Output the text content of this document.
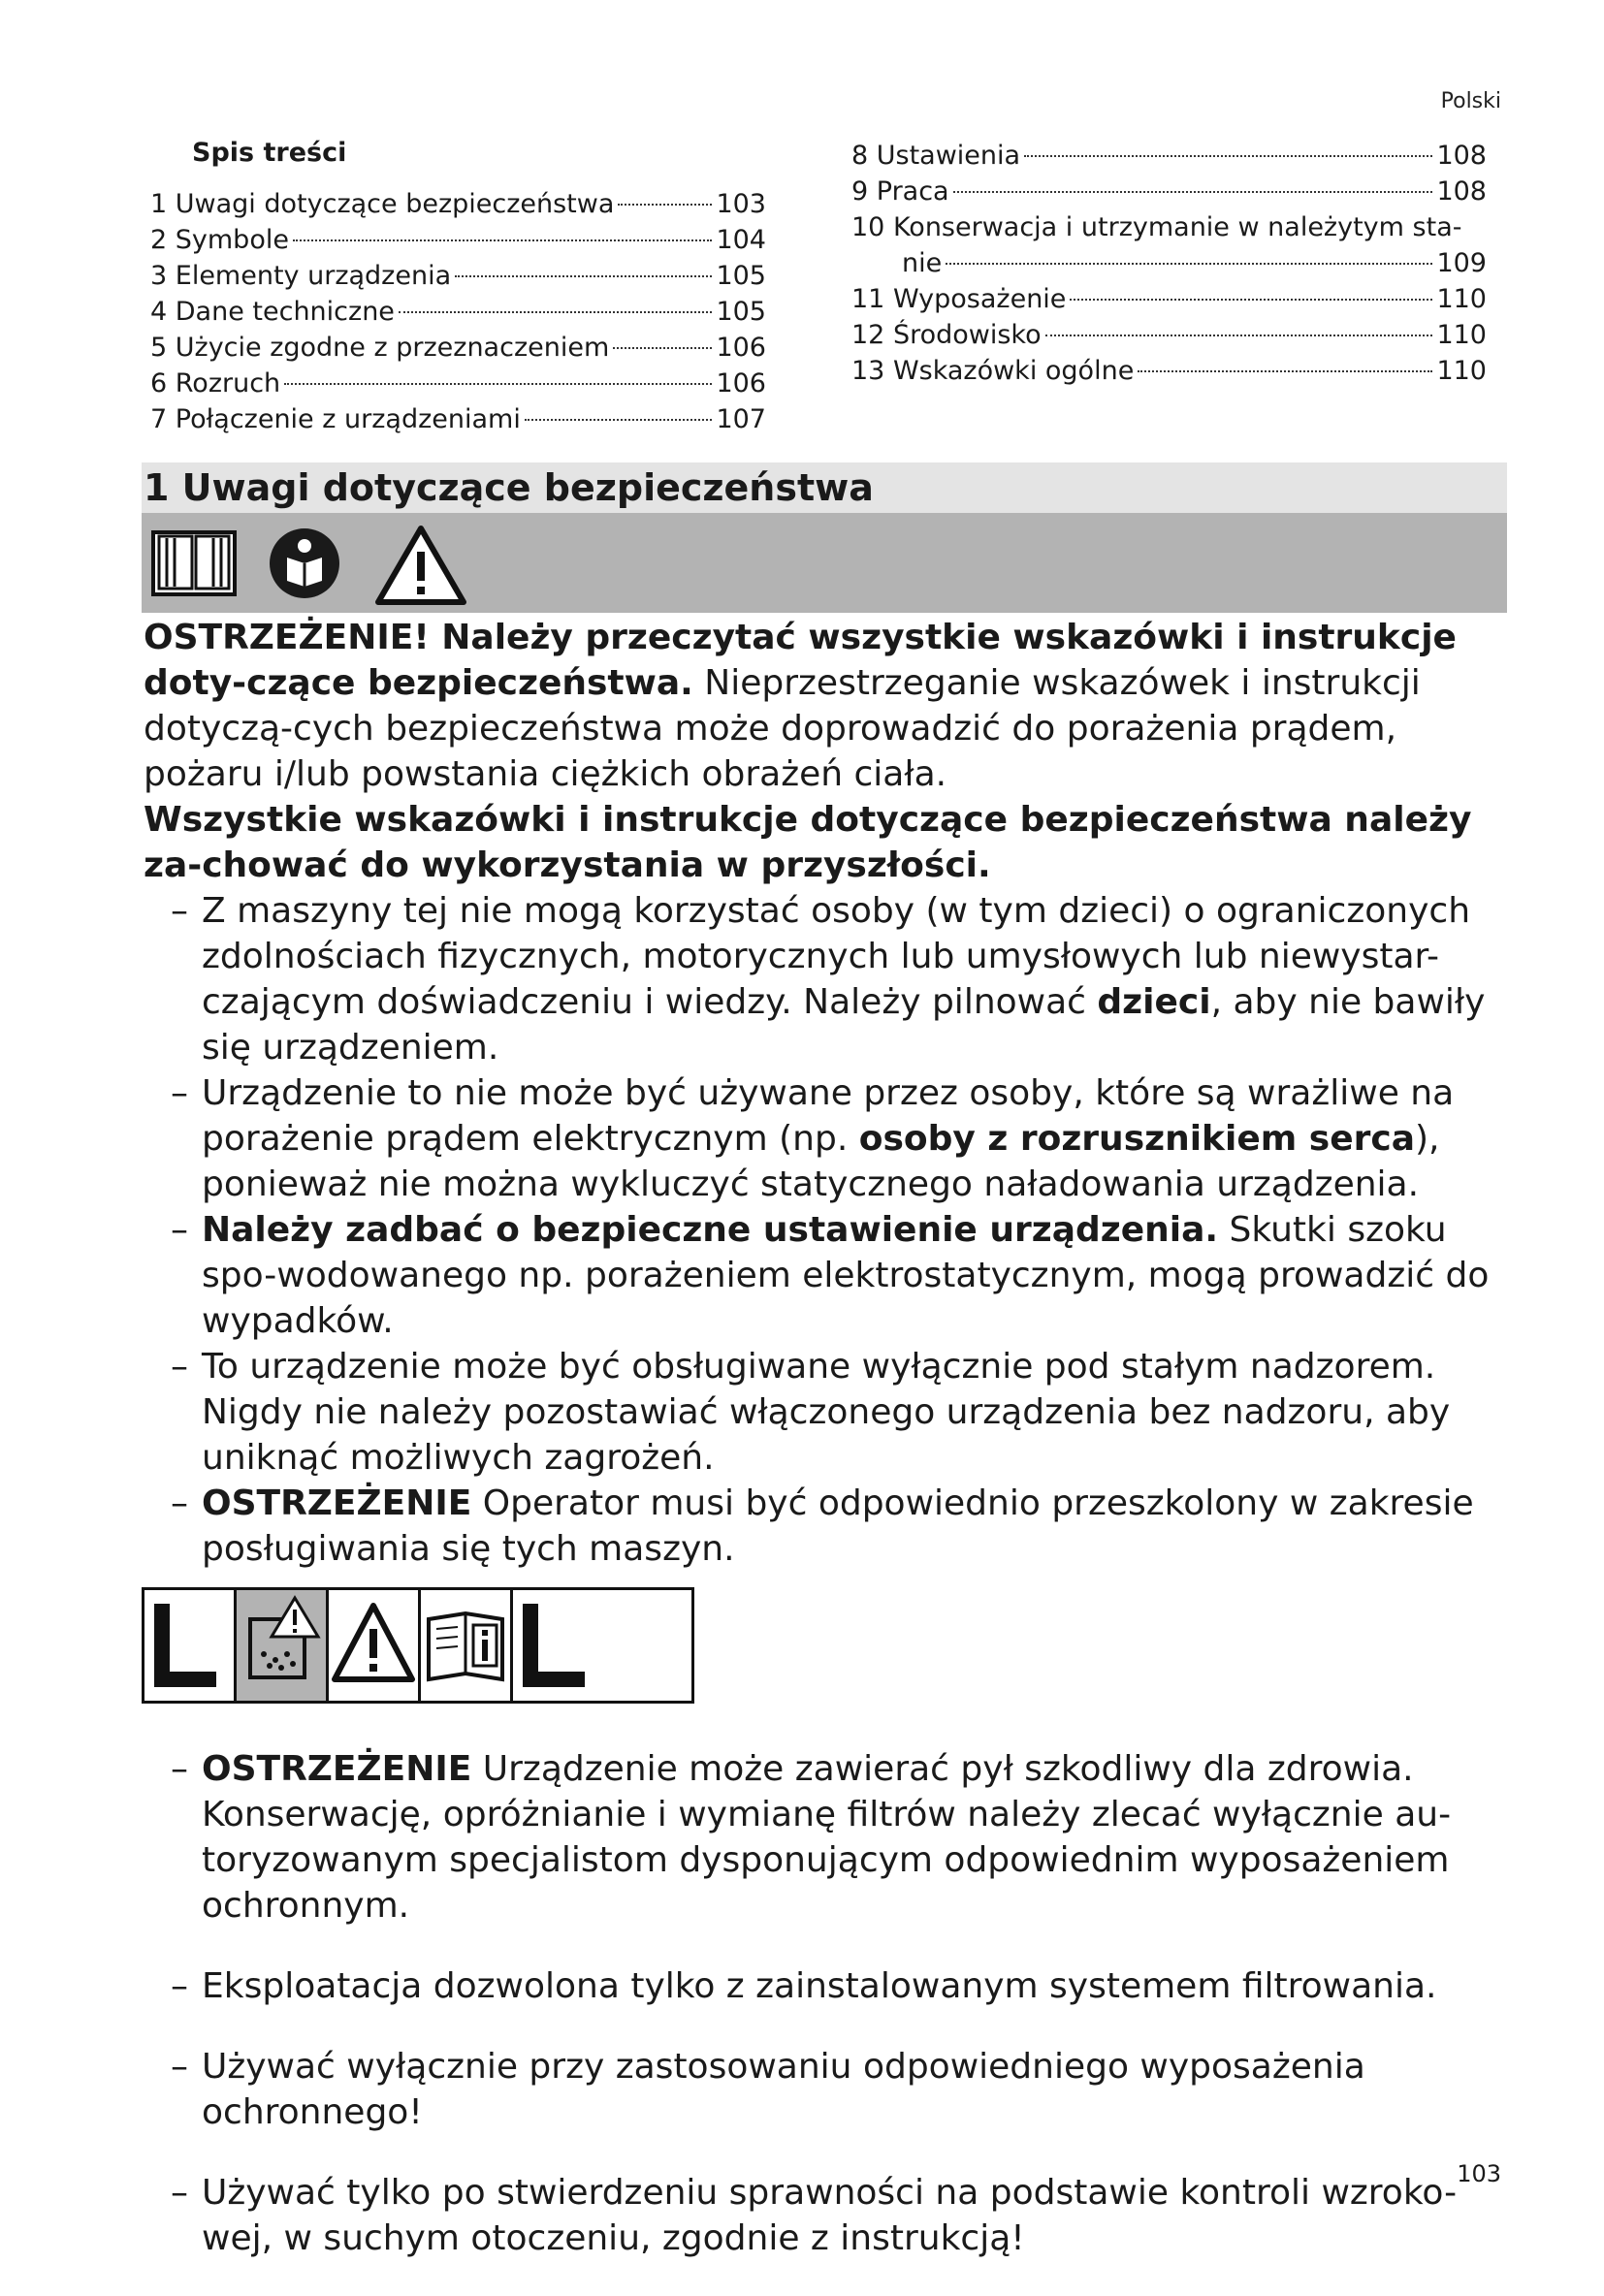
Polski
Spis treści
1 Uwagi dotyczące bezpieczeństwa	103
2 Symbole	104
3 Elementy urządzenia	105
4 Dane techniczne	105
5 Użycie zgodne z przeznaczeniem	106
6 Rozruch	106
7 Połączenie z urządzeniami	107
8 Ustawienia	108
9 Praca	108
10 Konserwacja i utrzymanie w należytym sta-
nie	109
11 Wyposażenie	110
12 Środowisko	110
13 Wskazówki ogólne	110
1 Uwagi dotyczące bezpieczeństwa

OSTRZEŻENIE! Należy przeczytać wszystkie wskazówki i instrukcje doty-czące bezpieczeństwa. Nieprzestrzeganie wskazówek i instrukcji dotyczą-cych bezpieczeństwa może doprowadzić do porażenia prądem, pożaru i/lub powstania ciężkich obrażeń ciała.

Wszystkie wskazówki i instrukcje dotyczące bezpieczeństwa należy za-chować do wykorzystania w przyszłości.

– Z maszyny tej nie mogą korzystać osoby (w tym dzieci) o ograniczonych zdolnościach fizycznych, motorycznych lub umysłowych lub niewystar-czającym doświadczeniu i wiedzy. Należy pilnować dzieci, aby nie bawiły się urządzeniem.

– Urządzenie to nie może być używane przez osoby, które są wrażliwe na porażenie prądem elektrycznym (np. osoby z rozrusznikiem serca), ponieważ nie można wykluczyć statycznego naładowania urządzenia.

– Należy zadbać o bezpieczne ustawienie urządzenia. Skutki szoku spo-wodowanego np. porażeniem elektrostatycznym, mogą prowadzić do wypadków.

– To urządzenie może być obsługiwane wyłącznie pod stałym nadzorem. Nigdy nie należy pozostawiać włączonego urządzenia bez nadzoru, aby uniknąć możliwych zagrożeń.

– OSTRZEŻENIE Operator musi być odpowiednio przeszkolony w zakresie posługiwania się tych maszyn.

– OSTRZEŻENIE Urządzenie może zawierać pył szkodliwy dla zdrowia. Konserwację, opróżnianie i wymianę filtrów należy zlecać wyłącznie au-toryzowanym specjalistom dysponującym odpowiednim wyposażeniem ochronnym.

– Eksploatacja dozwolona tylko z zainstalowanym systemem filtrowania.

– Używać wyłącznie przy zastosowaniu odpowiedniego wyposażenia ochronnego!

– Używać tylko po stwierdzeniu sprawności na podstawie kontroli wzroko-wej, w suchym otoczeniu, zgodnie z instrukcją!

103
